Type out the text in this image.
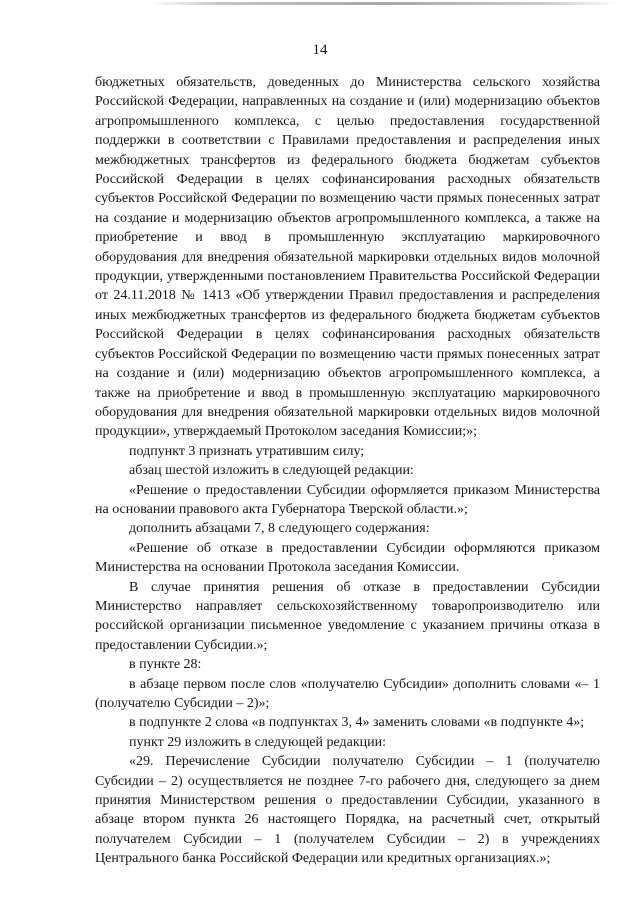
14

бюджетных обязательств, доведенных до Министерства сельского хозяйства Российской Федерации, направленных на создание и (или) модернизацию объектов агропромышленного комплекса, с целью предоставления государственной поддержки в соответствии с Правилами предоставления и распределения иных межбюджетных трансфертов из федерального бюджета бюджетам субъектов Российской Федерации в целях софинансирования расходных обязательств субъектов Российской Федерации по возмещению части прямых понесенных затрат на создание и модернизацию объектов агропромышленного комплекса, а также на приобретение и ввод в промышленную эксплуатацию маркировочного оборудования для внедрения обязательной маркировки отдельных видов молочной продукции, утвержденными постановлением Правительства Российской Федерации от 24.11.2018 № 1413 «Об утверждении Правил предоставления и распределения иных межбюджетных трансфертов из федерального бюджета бюджетам субъектов Российской Федерации в целях софинансирования расходных обязательств субъектов Российской Федерации по возмещению части прямых понесенных затрат на создание и (или) модернизацию объектов агропромышленного комплекса, а также на приобретение и ввод в промышленную эксплуатацию маркировочного оборудования для внедрения обязательной маркировки отдельных видов молочной продукции», утверждаемый Протоколом заседания Комиссии;»;

подпункт 3 признать утратившим силу;

абзац шестой изложить в следующей редакции:

«Решение о предоставлении Субсидии оформляется приказом Министерства на основании правового акта Губернатора Тверской области.»;

дополнить абзацами 7, 8 следующего содержания:

«Решение об отказе в предоставлении Субсидии оформляются приказом Министерства на основании Протокола заседания Комиссии.

В случае принятия решения об отказе в предоставлении Субсидии Министерство направляет сельскохозяйственному товаропроизводителю или российской организации письменное уведомление с указанием причины отказа в предоставлении Субсидии.»;

в пункте 28:

в абзаце первом после слов «получателю Субсидии» дополнить словами «– 1 (получателю Субсидии – 2)»;

в подпункте 2 слова «в подпунктах 3, 4» заменить словами «в подпункте 4»;

пункт 29 изложить в следующей редакции:

«29. Перечисление Субсидии получателю Субсидии – 1 (получателю Субсидии – 2) осуществляется не позднее 7-го рабочего дня, следующего за днем принятия Министерством решения о предоставлении Субсидии, указанного в абзаце втором пункта 26 настоящего Порядка, на расчетный счет, открытый получателем Субсидии – 1 (получателем Субсидии – 2) в учреждениях Центрального банка Российской Федерации или кредитных организациях.»;
